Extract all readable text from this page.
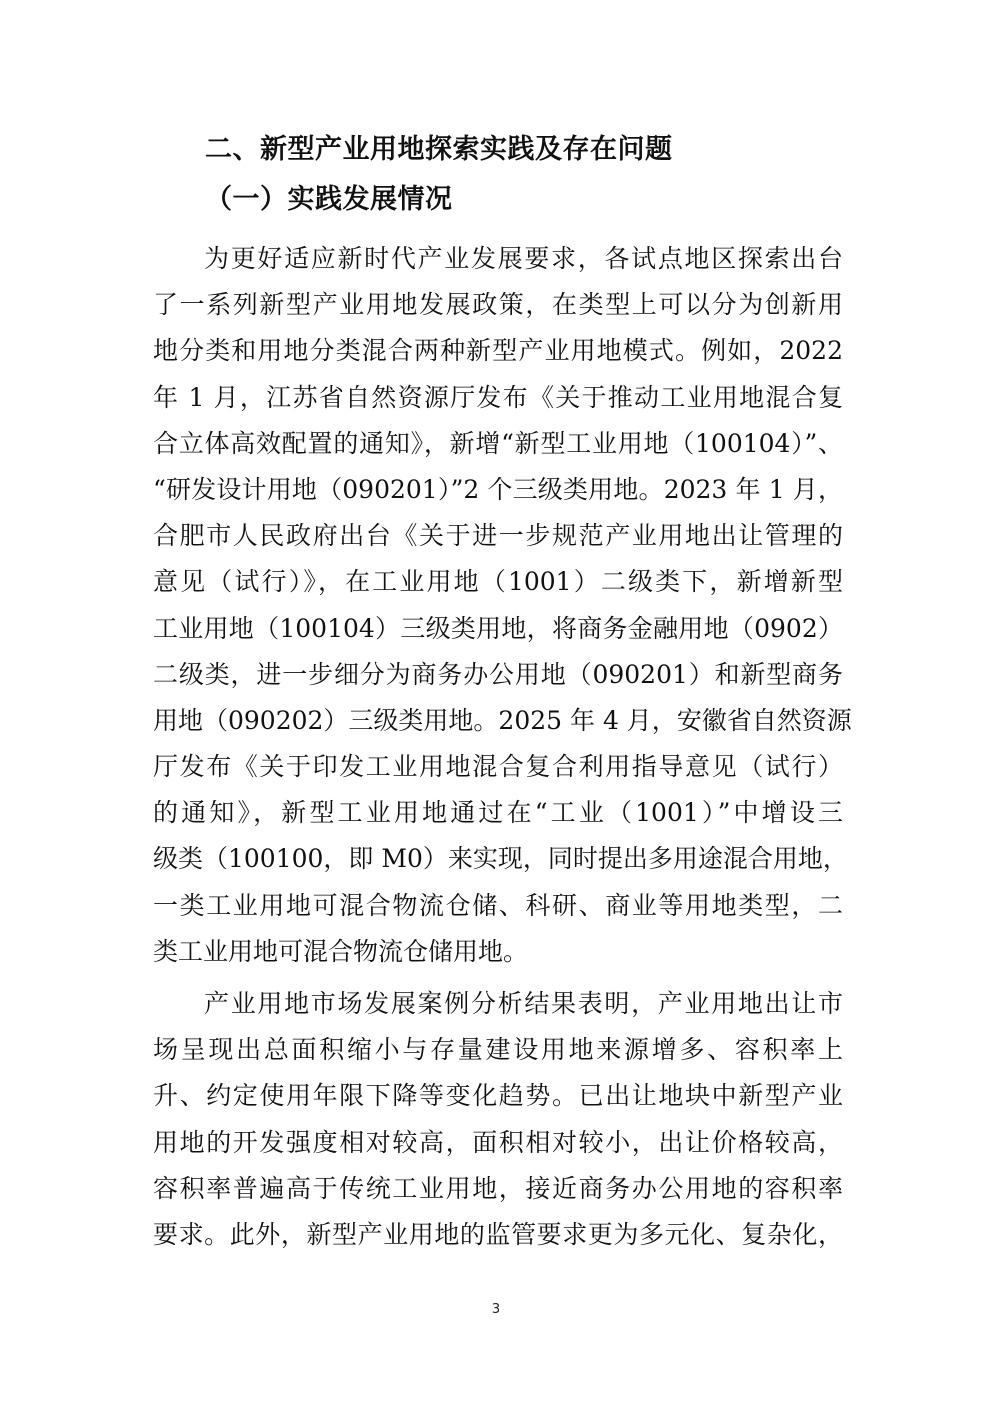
二、新型产业用地探索实践及存在问题
（一）实践发展情况

为更好适应新时代产业发展要求，各试点地区探索出台
了一系列新型产业用地发展政策，在类型上可以分为创新用
地分类和用地分类混合两种新型产业用地模式。例如，2022
年 1 月，江苏省自然资源厅发布《关于推动工业用地混合复
合立体高效配置的通知》，新增“新型工业用地（100104）”、
“研发设计用地（090201）”2 个三级类用地。2023 年 1 月，
合肥市人民政府出台《关于进一步规范产业用地出让管理的
意见（试行）》，在工业用地（1001）二级类下，新增新型
工业用地（100104）三级类用地，将商务金融用地（0902）
二级类，进一步细分为商务办公用地（090201）和新型商务
用地（090202）三级类用地。2025 年 4 月，安徽省自然资源
厅发布《关于印发工业用地混合复合利用指导意见（试行）
的通知》，新型工业用地通过在“工业（1001）”中增设三
级类（100100，即 M0）来实现，同时提出多用途混合用地，
一类工业用地可混合物流仓储、科研、商业等用地类型，二
类工业用地可混合物流仓储用地。

产业用地市场发展案例分析结果表明，产业用地出让市
场呈现出总面积缩小与存量建设用地来源增多、容积率上
升、约定使用年限下降等变化趋势。已出让地块中新型产业
用地的开发强度相对较高，面积相对较小，出让价格较高，
容积率普遍高于传统工业用地，接近商务办公用地的容积率
要求。此外，新型产业用地的监管要求更为多元化、复杂化，

3
